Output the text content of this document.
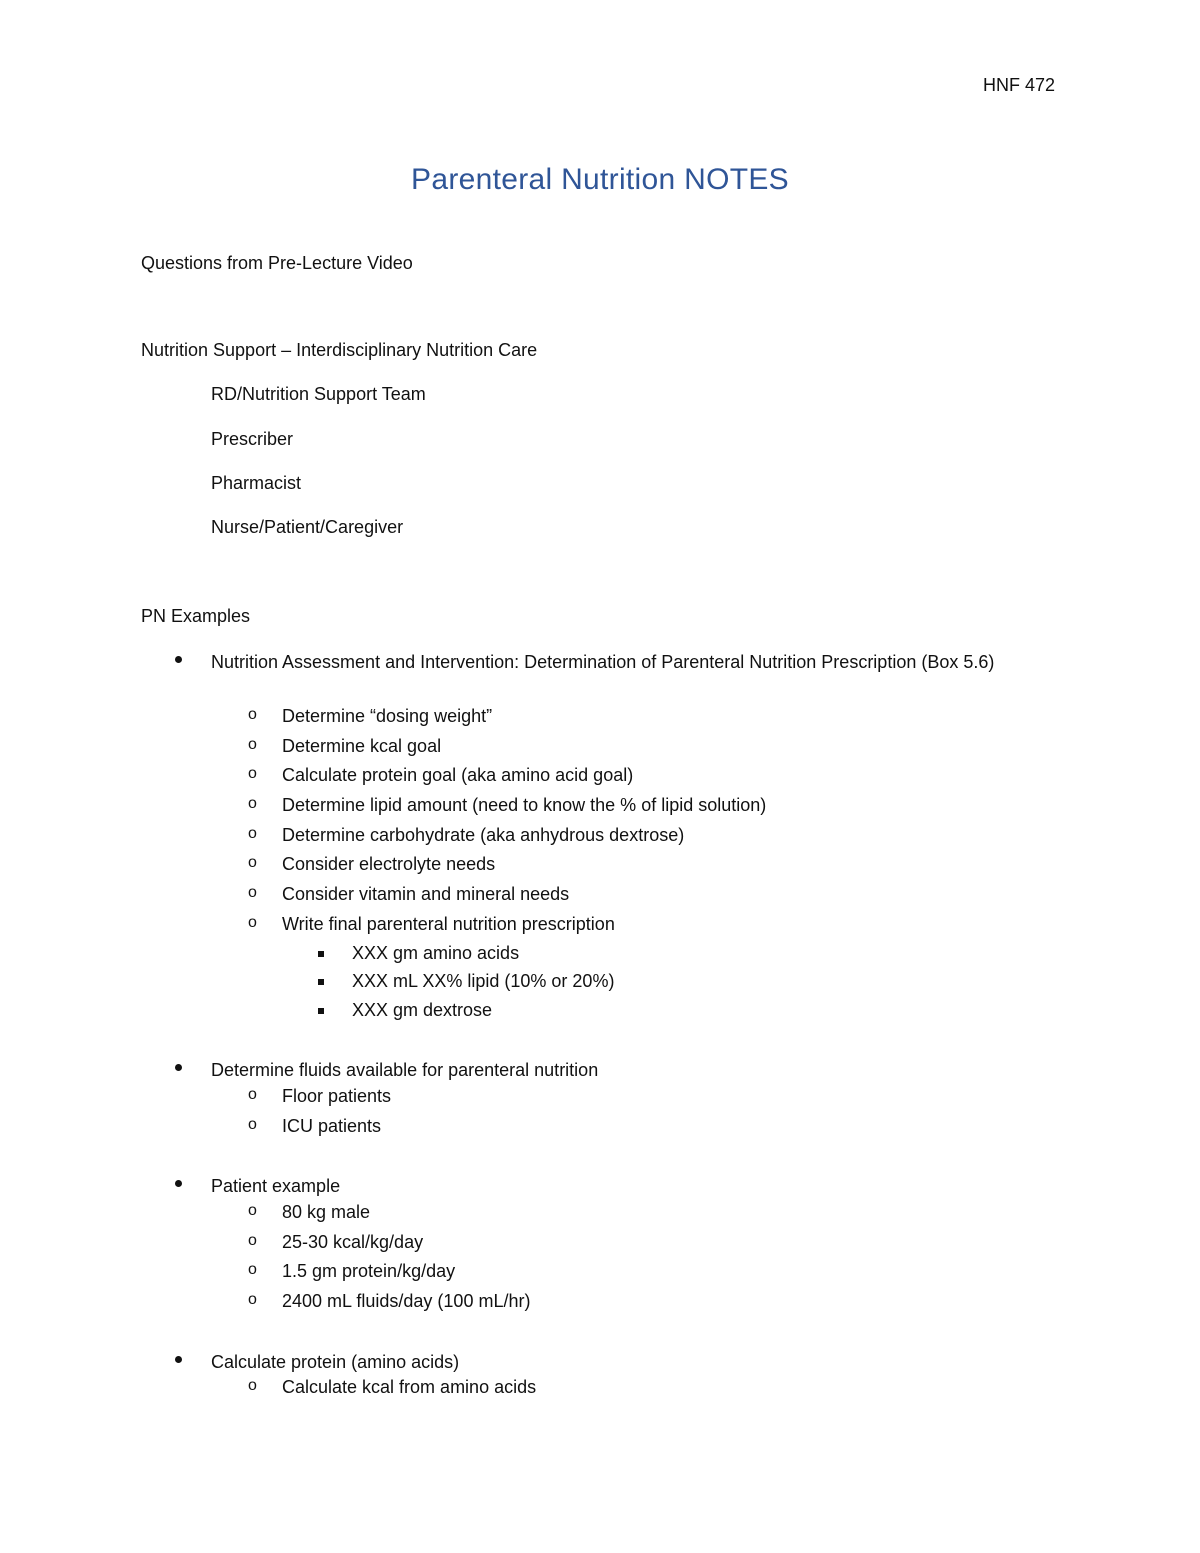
HNF 472
Parenteral Nutrition NOTES
Questions from Pre-Lecture Video
Nutrition Support – Interdisciplinary Nutrition Care
RD/Nutrition Support Team
Prescriber
Pharmacist
Nurse/Patient/Caregiver
PN Examples
Nutrition Assessment and Intervention: Determination of Parenteral Nutrition Prescription (Box 5.6)
o Determine “dosing weight”
o Determine kcal goal
o Calculate protein goal (aka amino acid goal)
o Determine lipid amount (need to know the % of lipid solution)
o Determine carbohydrate (aka anhydrous dextrose)
o Consider electrolyte needs
o Consider vitamin and mineral needs
o Write final parenteral nutrition prescription
XXX gm amino acids
XXX mL XX% lipid (10% or 20%)
XXX gm dextrose
Determine fluids available for parenteral nutrition
o Floor patients
o ICU patients
Patient example
o 80 kg male
o 25-30 kcal/kg/day
o 1.5 gm protein/kg/day
o 2400 mL fluids/day (100 mL/hr)
Calculate protein (amino acids)
o Calculate kcal from amino acids
